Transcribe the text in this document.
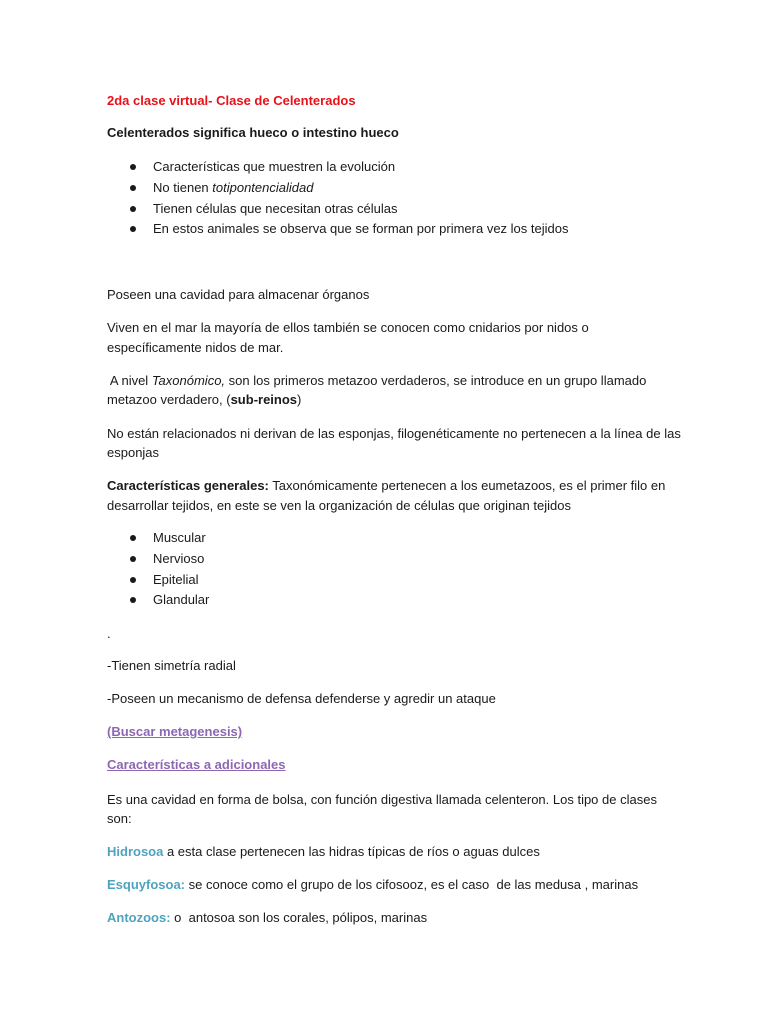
2da clase virtual- Clase de Celenterados
Celenterados significa hueco o intestino hueco
Características que muestren la evolución
No tienen totipontencialidad
Tienen células que necesitan otras células
En estos animales se observa que se forman por primera vez los tejidos
Poseen una cavidad para almacenar órganos
Viven en el mar la mayoría de ellos también se conocen como cnidarios por nidos o
específicamente nidos de mar.
A nivel Taxonómico, son los primeros metazoo verdaderos, se introduce en un grupo llamado
metazoo verdadero, (sub-reinos)
No están relacionados ni derivan de las esponjas, filogenéticamente no pertenecen a la línea de las
esponjas
Características generales: Taxonómicamente pertenecen a los eumetazoos, es el primer filo en
desarrollar tejidos, en este se ven la organización de células que originan tejidos
Muscular
Nervioso
Epitelial
Glandular
.
-Tienen simetría radial
-Poseen un mecanismo de defensa defenderse y agredir un ataque
(Buscar metagenesis)
Características a adicionales
Es una cavidad en forma de bolsa, con función digestiva llamada celenteron. Los tipo de clases
son:
Hidrosoa a esta clase pertenecen las hidras típicas de ríos o aguas dulces
Esquyfosoa: se conoce como el grupo de los cifosooz, es el caso  de las medusa , marinas
Antozoos: o  antosoa son los corales, pólipos, marinas
